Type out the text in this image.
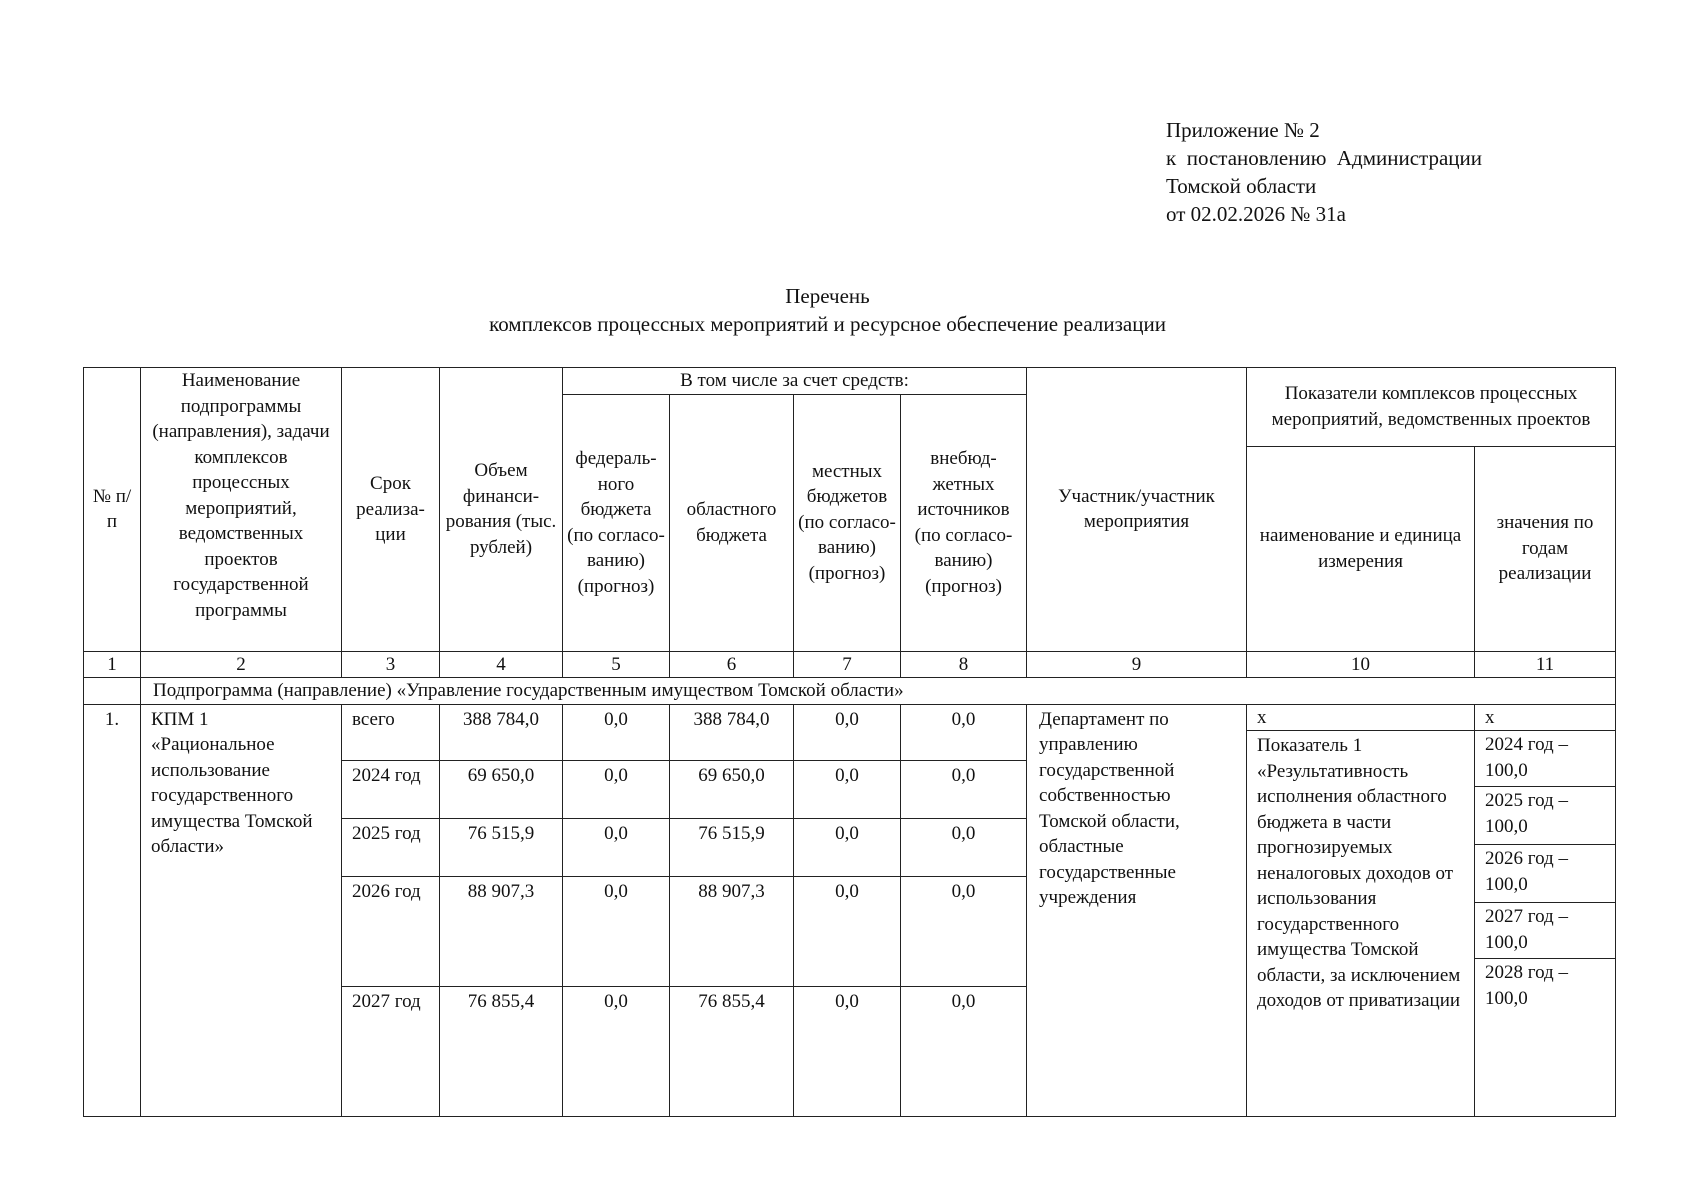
Приложение № 2
к  постановлению  Администрации
Томской области
от 02.02.2026 № 31а
Перечень
комплексов процессных мероприятий и ресурсное обеспечение реализации
№ п/п	Наименование подпрограммы (направления), задачи комплексов процессных мероприятий, ведомственных проектов государственной программы	Срок реализа-ции	Объем финанси-рования (тыс. рублей)	В том числе за счет средств:				Участник/участник мероприятия	Показатели комплексов процессных мероприятий, ведомственных проектов	
				федераль-ного бюджета (по согласо-ванию) (прогноз)	областного бюджета	местных бюджетов (по согласо-ванию) (прогноз)	внебюд-жетных источников (по согласо-ванию) (прогноз)			
									наименование и единица измерения	значения по годам реализации
1	2	3	4	5	6	7	8	9	10	11
	Подпрограмма (направление) «Управление государственным имуществом Томской области»									
1.	КПМ 1 «Рациональное использование государственного имущества Томской области»	всего	388 784,0	0,0	388 784,0	0,0	0,0	Департамент по управлению государственной собственностью Томской области, областные государственные учреждения	х	х
									Показатель 1 «Результативность исполнения областного бюджета в части прогнозируемых неналоговых доходов от использования государственного имущества Томской области, за исключением доходов от приватизации	2024 год – 100,0
		2024 год	69 650,0	0,0	69 650,0	0,0	0,0			
										2025 год – 100,0
		2025 год	76 515,9	0,0	76 515,9	0,0	0,0			
										2026 год – 100,0
		2026 год	88 907,3	0,0	88 907,3	0,0	0,0			
										2027 год – 100,0
										2028 год – 100,0
		2027 год	76 855,4	0,0	76 855,4	0,0	0,0			
